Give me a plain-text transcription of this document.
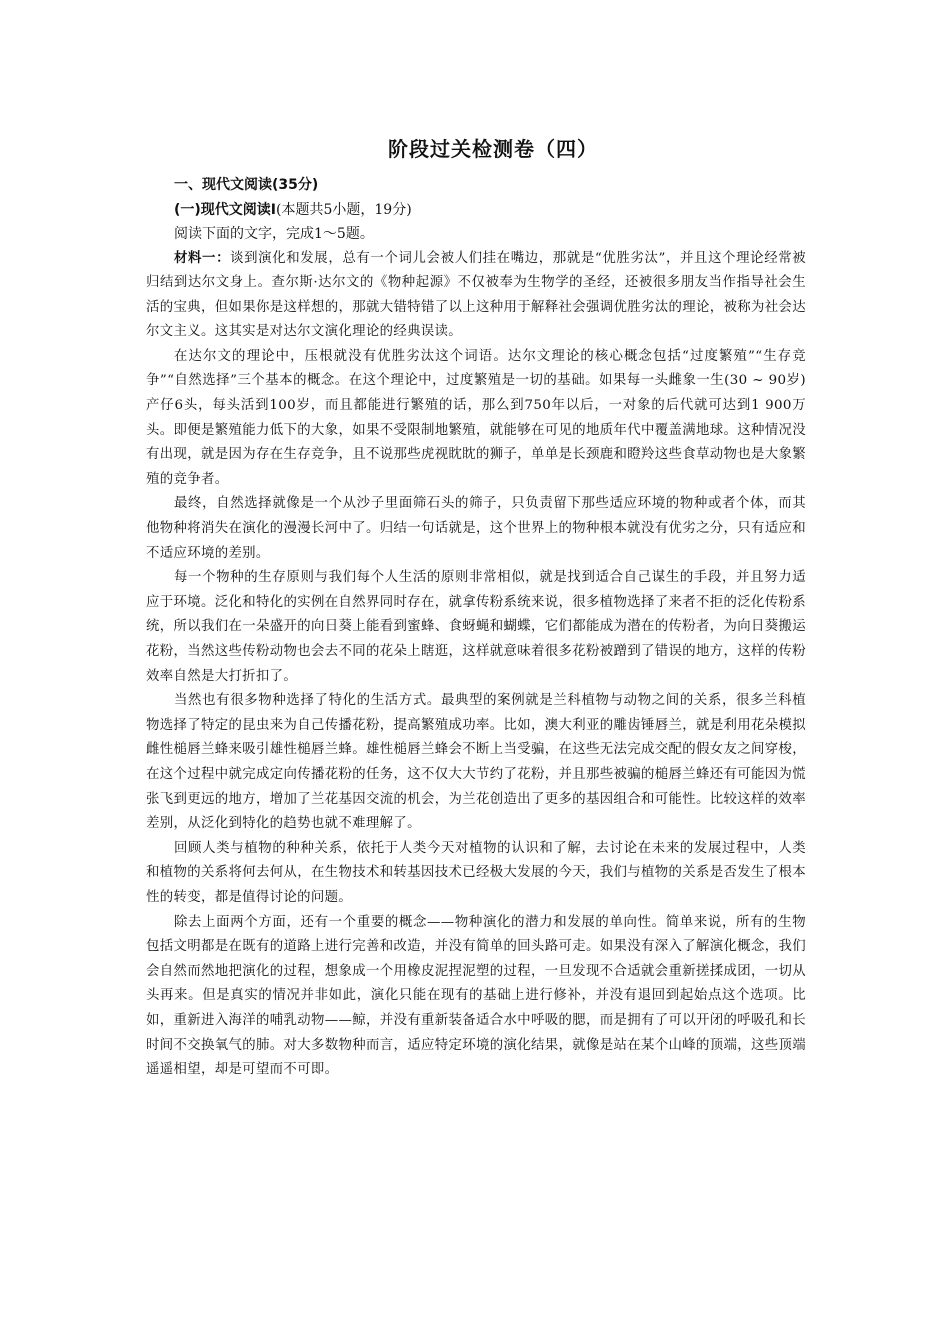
阶段过关检测卷（四）
一、现代文阅读(35分)
(一)现代文阅读Ⅰ(本题共5小题，19分)
阅读下面的文字，完成1～5题。

材料一：谈到演化和发展，总有一个词儿会被人们挂在嘴边，那就是“优胜劣汰”，并且这个理论经常被归结到达尔文身上。查尔斯·达尔文的《物种起源》不仅被奉为生物学的圣经，还被很多朋友当作指导社会生活的宝典，但如果你是这样想的，那就大错特错了以上这种用于解释社会强调优胜劣汰的理论，被称为社会达尔文主义。这其实是对达尔文演化理论的经典误读。

在达尔文的理论中，压根就没有优胜劣汰这个词语。达尔文理论的核心概念包括“过度繁殖”“生存竞争”“自然选择”三个基本的概念。在这个理论中，过度繁殖是一切的基础。如果每一头雌象一生(30 ~ 90岁)产仔6头，每头活到100岁，而且都能进行繁殖的话，那么到750年以后，一对象的后代就可达到1 900万头。即便是繁殖能力低下的大象，如果不受限制地繁殖，就能够在可见的地质年代中覆盖满地球。这种情况没有出现，就是因为存在生存竞争，且不说那些虎视眈眈的狮子，单单是长颈鹿和瞪羚这些食草动物也是大象繁殖的竞争者。

最终，自然选择就像是一个从沙子里面筛石头的筛子，只负责留下那些适应环境的物种或者个体，而其他物种将消失在演化的漫漫长河中了。归结一句话就是，这个世界上的物种根本就没有优劣之分，只有适应和不适应环境的差别。

每一个物种的生存原则与我们每个人生活的原则非常相似，就是找到适合自己谋生的手段，并且努力适应于环境。泛化和特化的实例在自然界同时存在，就拿传粉系统来说，很多植物选择了来者不拒的泛化传粉系统，所以我们在一朵盛开的向日葵上能看到蜜蜂、食蚜蝇和蝴蝶，它们都能成为潜在的传粉者，为向日葵搬运花粉，当然这些传粉动物也会去不同的花朵上瞎逛，这样就意味着很多花粉被蹭到了错误的地方，这样的传粉效率自然是大打折扣了。

当然也有很多物种选择了特化的生活方式。最典型的案例就是兰科植物与动物之间的关系，很多兰科植物选择了特定的昆虫来为自己传播花粉，提高繁殖成功率。比如，澳大利亚的雕齿锤唇兰，就是利用花朵模拟雌性槌唇兰蜂来吸引雄性槌唇兰蜂。雄性槌唇兰蜂会不断上当受骗，在这些无法完成交配的假女友之间穿梭，在这个过程中就完成定向传播花粉的任务，这不仅大大节约了花粉，并且那些被骗的槌唇兰蜂还有可能因为慌张飞到更远的地方，增加了兰花基因交流的机会，为兰花创造出了更多的基因组合和可能性。比较这样的效率差别，从泛化到特化的趋势也就不难理解了。

回顾人类与植物的种种关系，依托于人类今天对植物的认识和了解，去讨论在未来的发展过程中，人类和植物的关系将何去何从，在生物技术和转基因技术已经极大发展的今天，我们与植物的关系是否发生了根本性的转变，都是值得讨论的问题。

除去上面两个方面，还有一个重要的概念——物种演化的潜力和发展的单向性。简单来说，所有的生物包括文明都是在既有的道路上进行完善和改造，并没有简单的回头路可走。如果没有深入了解演化概念，我们会自然而然地把演化的过程，想象成一个用橡皮泥捏泥塑的过程，一旦发现不合适就会重新搓揉成团，一切从头再来。但是真实的情况并非如此，演化只能在现有的基础上进行修补，并没有退回到起始点这个选项。比如，重新进入海洋的哺乳动物——鲸，并没有重新装备适合水中呼吸的腮，而是拥有了可以开闭的呼吸孔和长时间不交换氧气的肺。对大多数物种而言，适应特定环境的演化结果，就像是站在某个山峰的顶端，这些顶端遥遥相望，却是可望而不可即。
